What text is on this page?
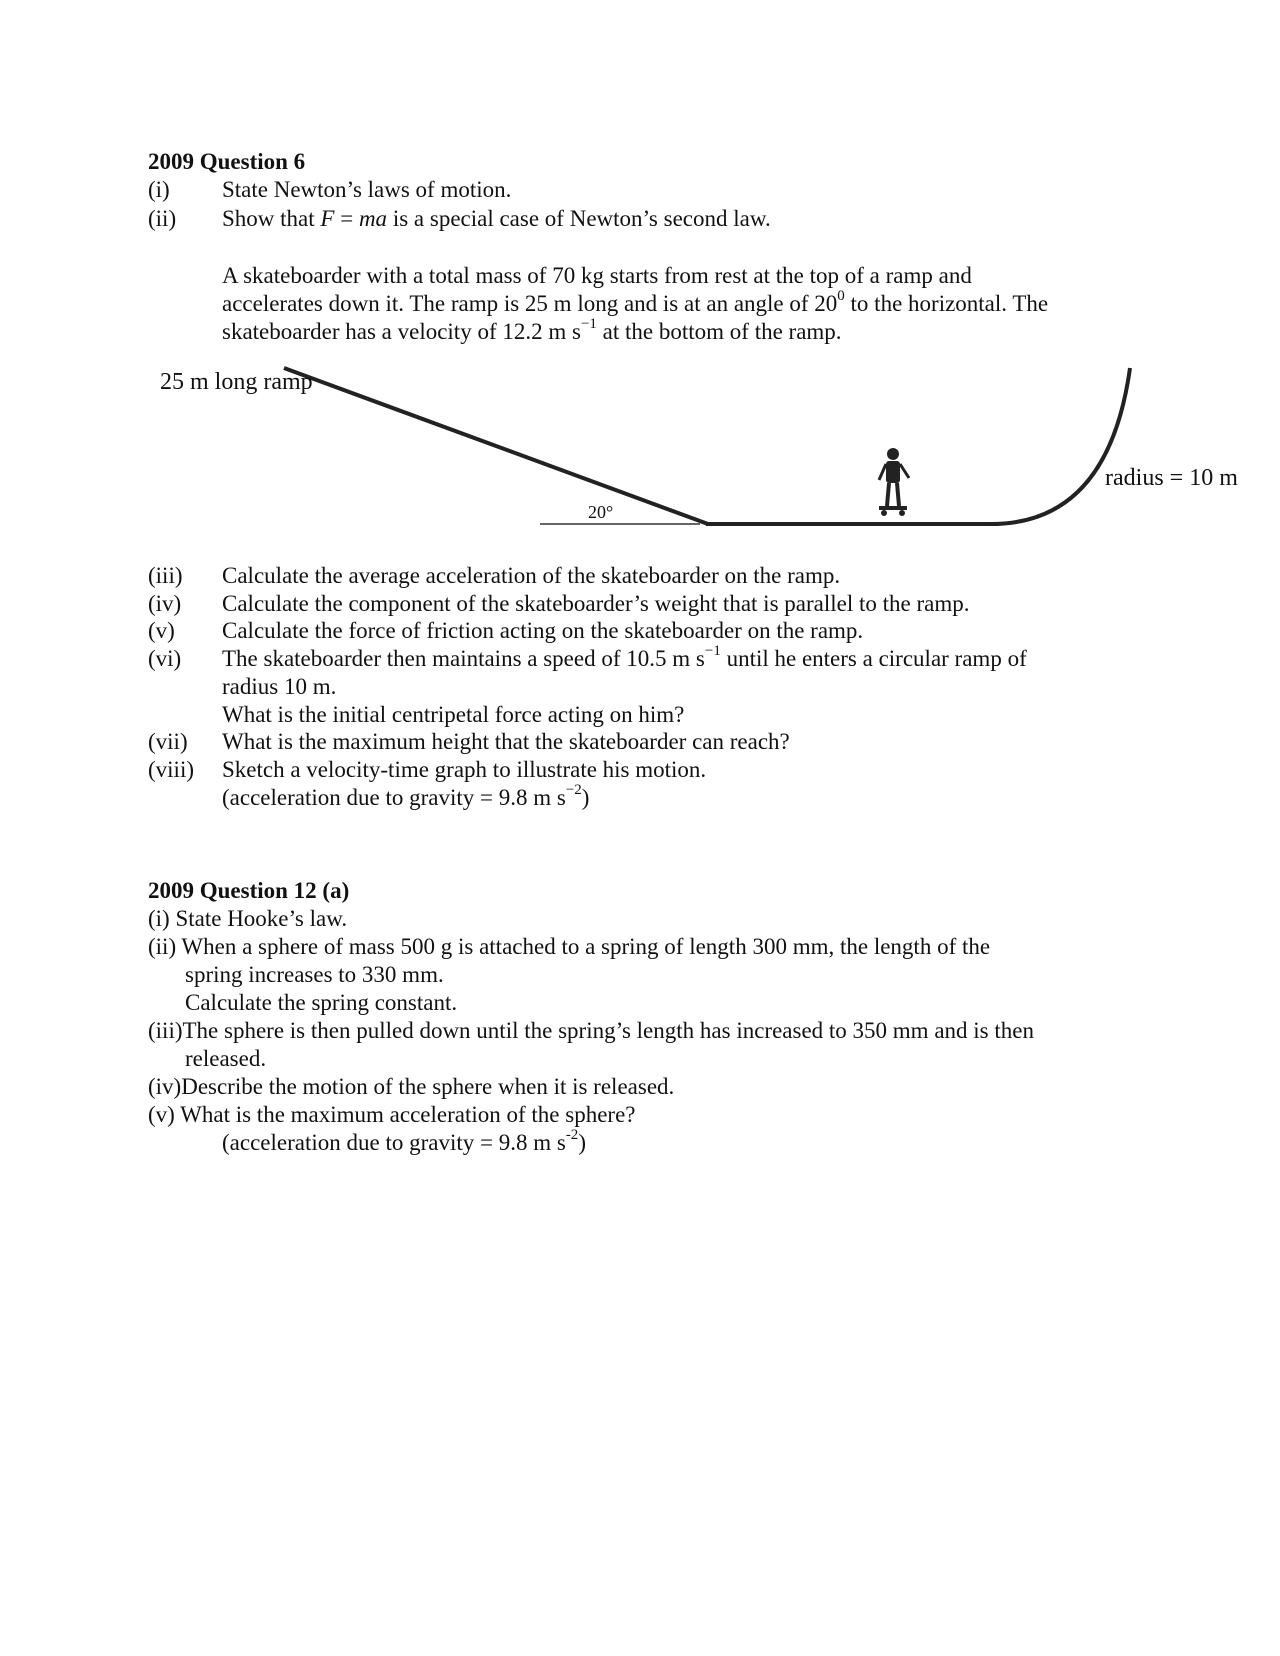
2009 Question 6
(i) State Newton’s laws of motion.
(ii) Show that F = ma is a special case of Newton’s second law.
A skateboarder with a total mass of 70 kg starts from rest at the top of a ramp and
accelerates down it. The ramp is 25 m long and is at an angle of $20^0$ to the horizontal. The
skateboarder has a velocity of 12.2 m $s^{-1}$ at the bottom of the ramp.
25 m long ramp
20°
radius = 10 m
(iii) Calculate the average acceleration of the skateboarder on the ramp.
(iv) Calculate the component of the skateboarder’s weight that is parallel to the ramp.
(v) Calculate the force of friction acting on the skateboarder on the ramp.
(vi) The skateboarder then maintains a speed of 10.5 m $s^{-1}$ until he enters a circular ramp of
radius 10 m.
What is the initial centripetal force acting on him?
(vii) What is the maximum height that the skateboarder can reach?
(viii) Sketch a velocity-time graph to illustrate his motion.
(acceleration due to gravity = 9.8 m $s^{-2}$)
2009 Question 12 (a)
(i) State Hooke’s law.
(ii) When a sphere of mass 500 g is attached to a spring of length 300 mm, the length of the
spring increases to 330 mm.
Calculate the spring constant.
(iii)The sphere is then pulled down until the spring’s length has increased to 350 mm and is then
released.
(iv)Describe the motion of the sphere when it is released.
(v) What is the maximum acceleration of the sphere?
(acceleration due to gravity = 9.8 m $s^{-2}$)
